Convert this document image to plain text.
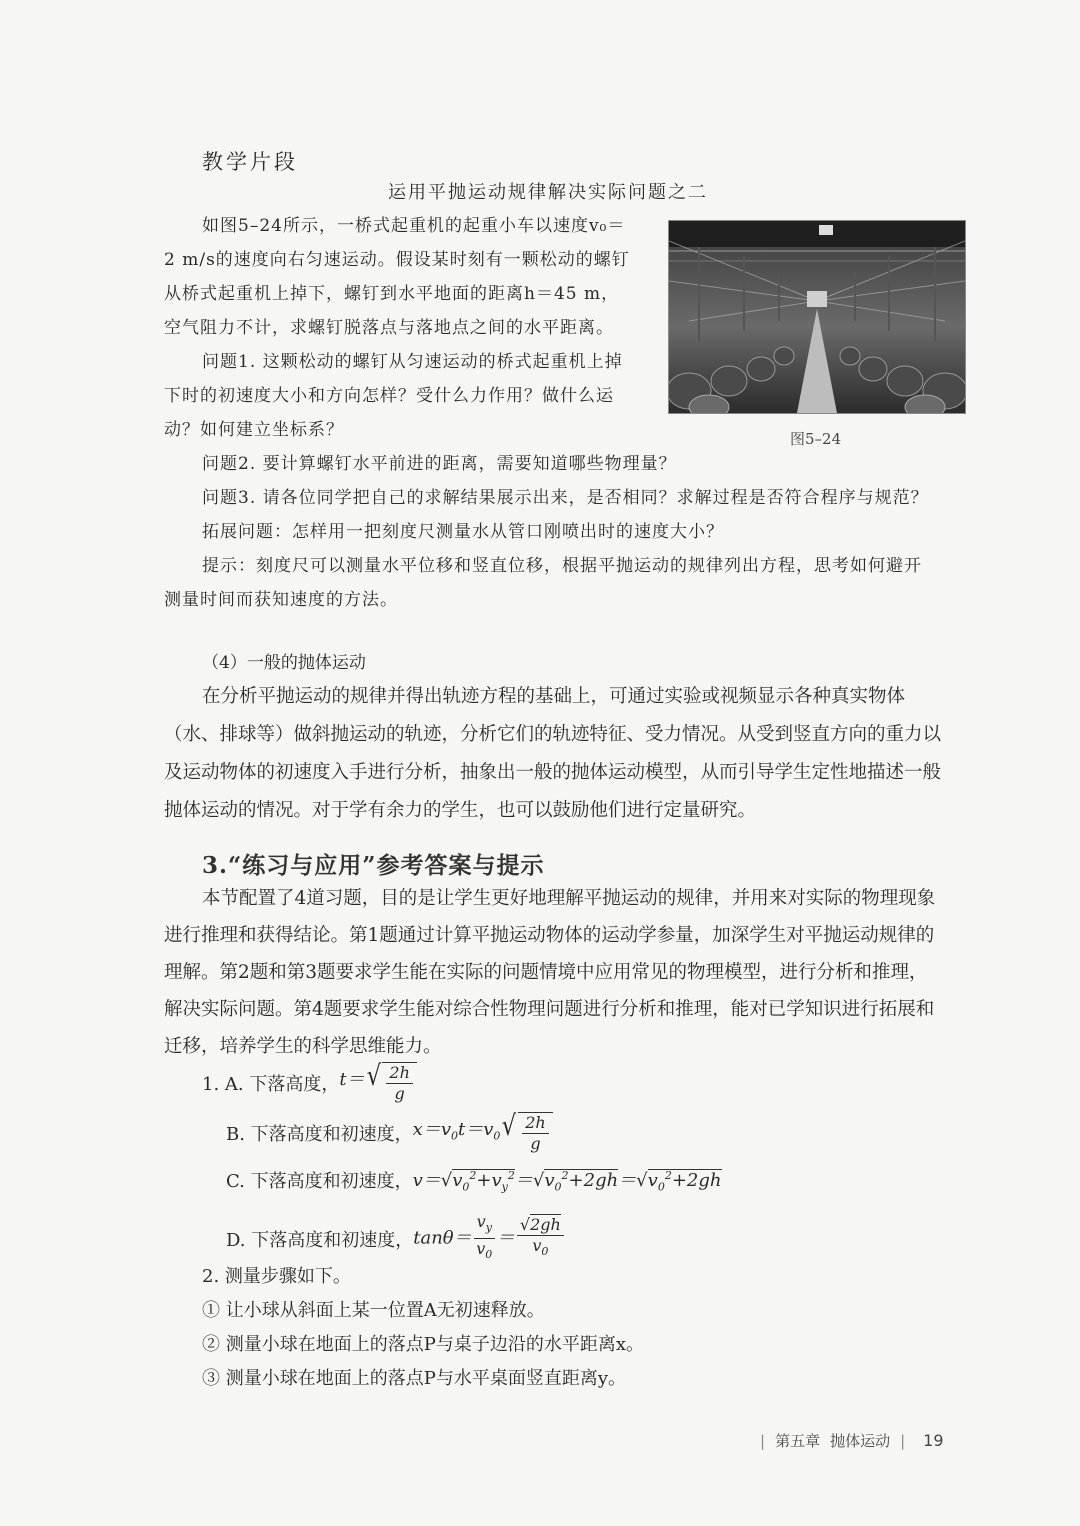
教学片段
运用平抛运动规律解决实际问题之二
如图5–24所示，一桥式起重机的起重小车以速度v₀＝
2 m/s的速度向右匀速运动。假设某时刻有一颗松动的螺钉
从桥式起重机上掉下，螺钉到水平地面的距离h＝45 m，
空气阻力不计，求螺钉脱落点与落地点之间的水平距离。
问题1. 这颗松动的螺钉从匀速运动的桥式起重机上掉
下时的初速度大小和方向怎样？受什么力作用？做什么运
动？如何建立坐标系？	图5–24
问题2. 要计算螺钉水平前进的距离，需要知道哪些物理量？
问题3. 请各位同学把自己的求解结果展示出来，是否相同？求解过程是否符合程序与规范？
拓展问题：怎样用一把刻度尺测量水从管口刚喷出时的速度大小？
提示：刻度尺可以测量水平位移和竖直位移，根据平抛运动的规律列出方程，思考如何避开
测量时间而获知速度的方法。
（4）一般的抛体运动
在分析平抛运动的规律并得出轨迹方程的基础上，可通过实验或视频显示各种真实物体
（水、排球等）做斜抛运动的轨迹，分析它们的轨迹特征、受力情况。从受到竖直方向的重力以
及运动物体的初速度入手进行分析，抽象出一般的抛体运动模型，从而引导学生定性地描述一般
抛体运动的情况。对于学有余力的学生，也可以鼓励他们进行定量研究。
3.“练习与应用”参考答案与提示
本节配置了4道习题，目的是让学生更好地理解平抛运动的规律，并用来对实际的物理现象
进行推理和获得结论。第1题通过计算平抛运动物体的运动学参量，加深学生对平抛运动规律的
理解。第2题和第3题要求学生能在实际的问题情境中应用常见的物理模型，进行分析和推理，
解决实际问题。第4题要求学生能对综合性物理问题进行分析和推理，能对已学知识进行拓展和
迁移，培养学生的科学思维能力。
1. A. 下落高度， t＝ √ $\frac{2h}{g}$
B. 下落高度和初速度， $x=v_0t=v_0$ √ $\frac{2h}{g}$
C. 下落高度和初速度， $v=√v_0^2+v_y^2=√v_0^2+2gh=√v_0^2+2gh$
D. 下落高度和初速度， $\tan\theta= \frac{v_y}{v_0} = \frac{√2gh}{v_0}$
2. 测量步骤如下。
① 让小球从斜面上某一位置A无初速释放。
② 测量小球在地面上的落点P与桌子边沿的水平距离x。
③ 测量小球在地面上的落点P与水平桌面竖直距离y。
| 第五章 抛体运动 | 19
